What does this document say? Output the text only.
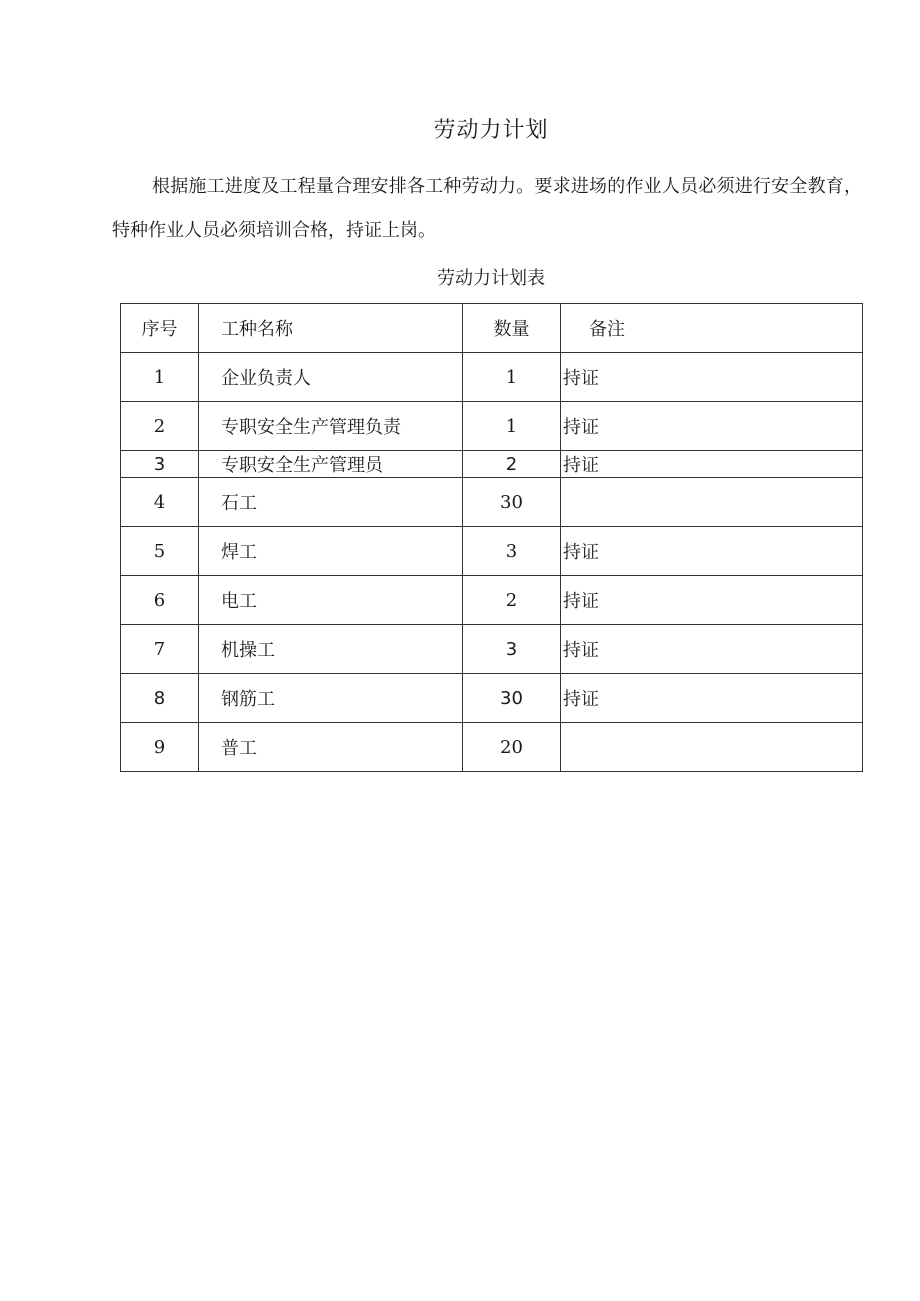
劳动力计划
根据施工进度及工程量合理安排各工种劳动力。要求进场的作业人员必须进行安全教育，特种作业人员必须培训合格，持证上岗。
劳动力计划表
序号	工种名称	数量	备注
1	企业负责人	1	持证
2	专职安全生产管理负责	1	持证
3	专职安全生产管理员	2	持证
4	石工	30	
5	焊工	3	持证
6	电工	2	持证
7	机操工	3	持证
8	钢筋工	30	持证
9	普工	20	
